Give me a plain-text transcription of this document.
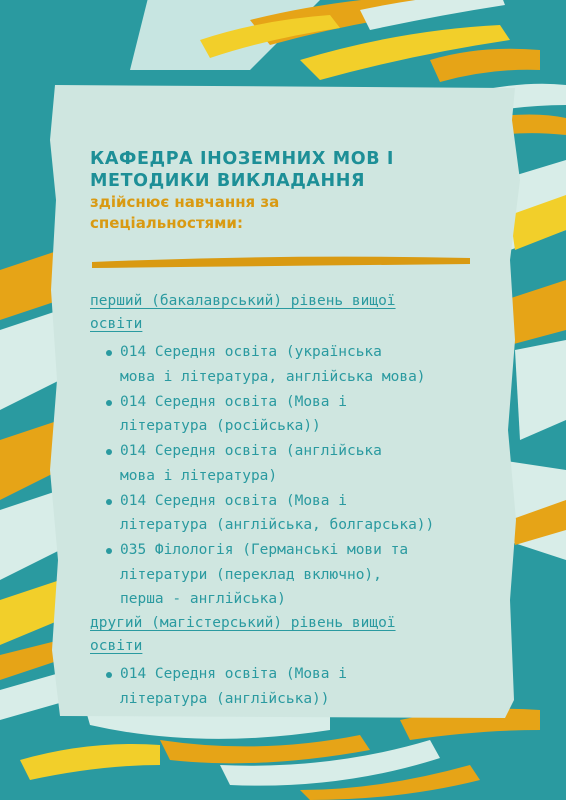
КАФЕДРА ІНОЗЕМНИХ МОВ І
МЕТОДИКИ ВИКЛАДАННЯ
здійснює навчання за
спеціальностями:
перший (бакалаврський) рівень вищої
освіти
014 Середня освіта (українська
мова і література, англійська мова)
014 Середня освіта (Мова і
література (російська))
014 Середня освіта (англійська
мова і література)
014 Середня освіта (Мова і
література (англійська, болгарська))
035 Філологія (Германські мови та
літератури (переклад включно),
перша - англійська)
другий (магістерський) рівень вищої
освіти
014 Середня освіта (Мова і
література (англійська))
